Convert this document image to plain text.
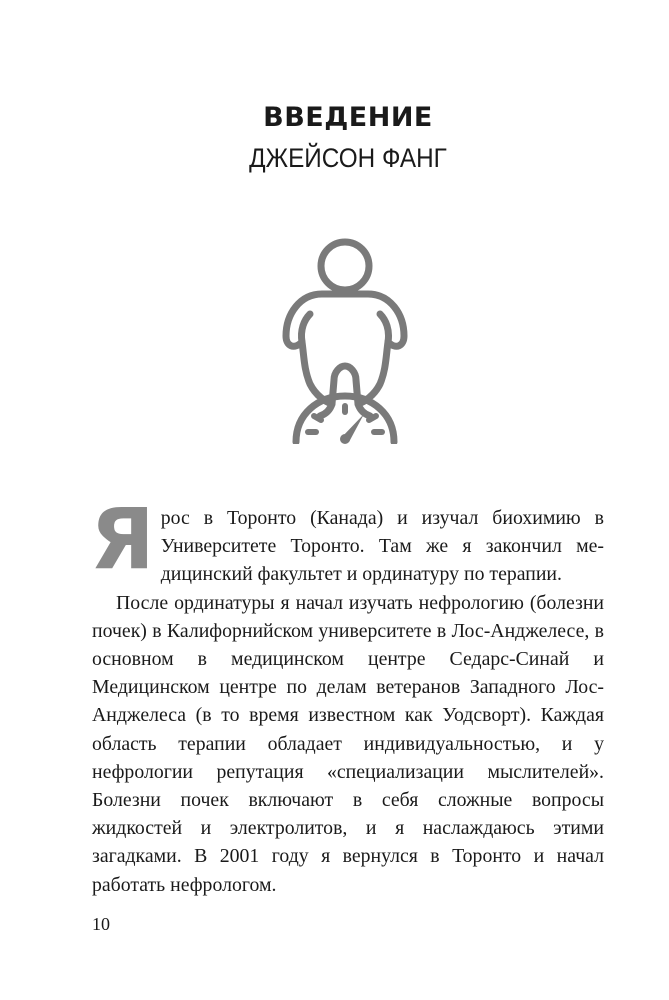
ВВЕДЕНИЕ
ДЖЕЙСОН ФАНГ

Ярос в Торонто (Канада) и изучал биохимию в Университете Торонто. Там же я закончил медицинский факультет и ординатуру по терапии.

После ординатуры я начал изучать нефрологию (болезни почек) в Калифорнийском университете в Лос-Анджелесе, в основном в медицинском центре Седарс-Синай и Медицинском центре по делам ветеранов Западного Лос-Анджелеса (в то время известном как Уодсворт). Каждая область терапии обладает индивидуальностью, и у нефрологии репутация «специализации мыслителей». Болезни почек включают в себя сложные вопросы жидкостей и электролитов, и я наслаждаюсь этими загадками. В 2001 году я вернулся в Торонто и начал работать нефрологом.

10
